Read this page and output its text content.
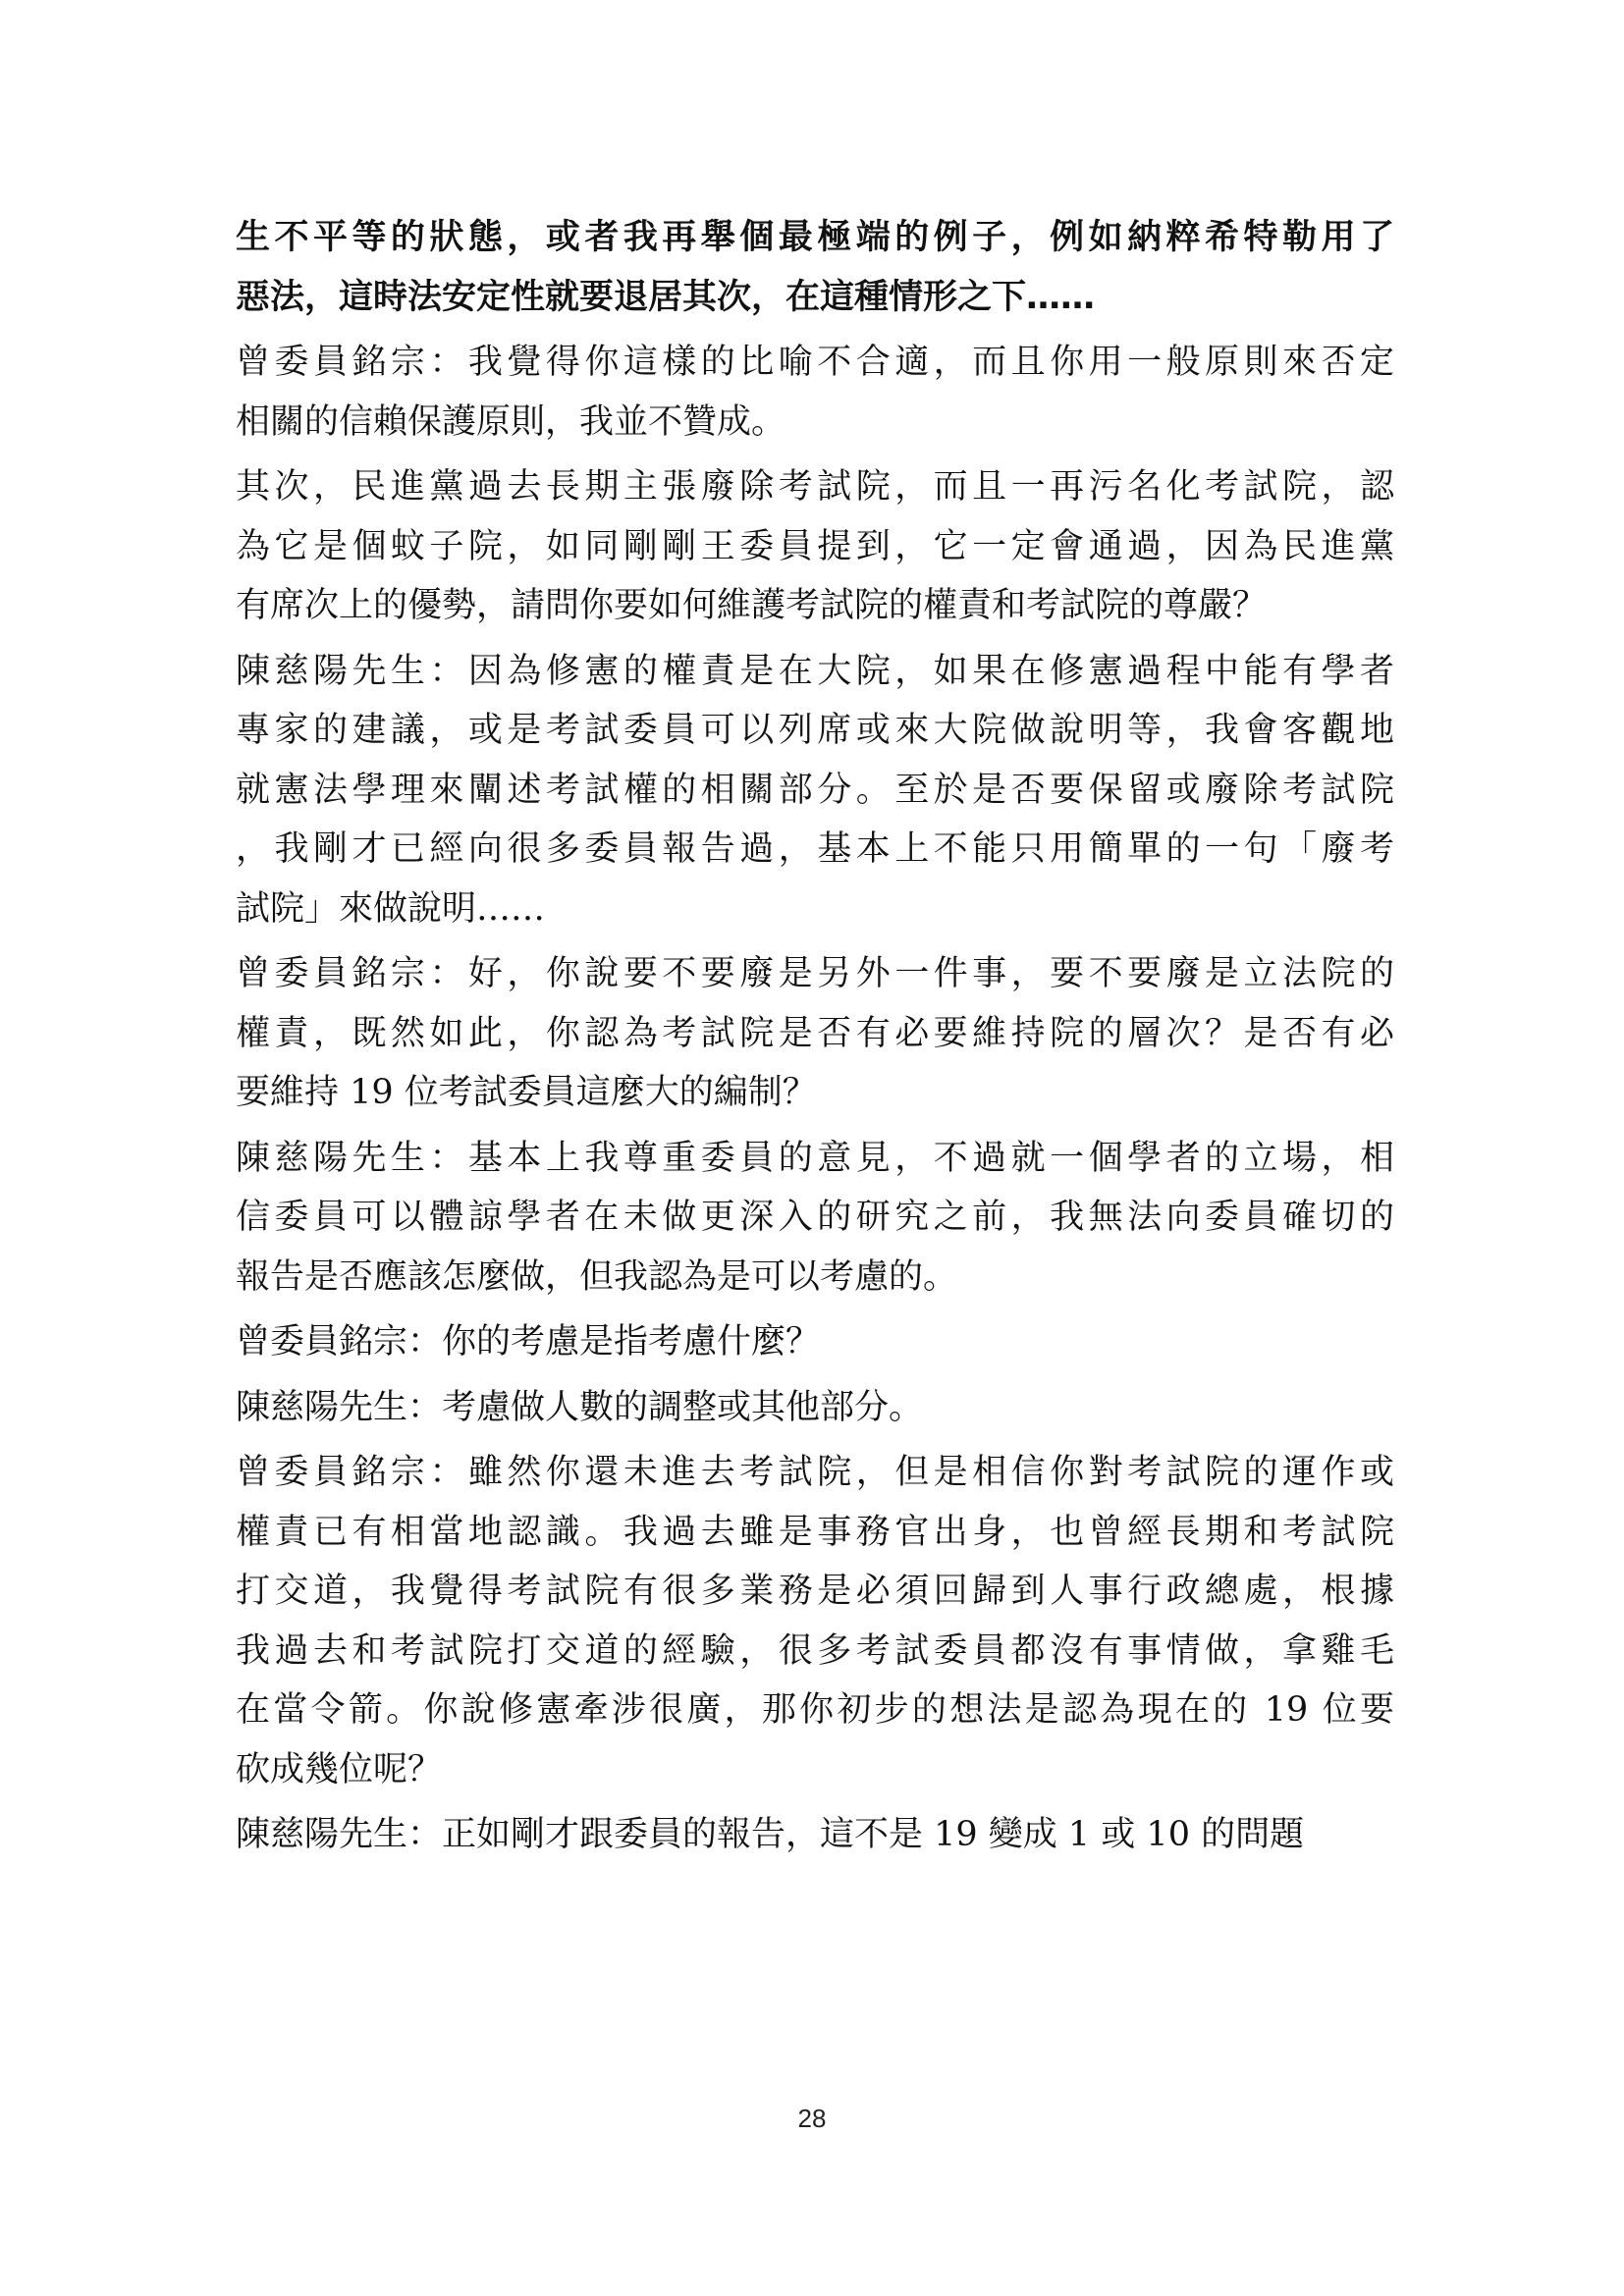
生不平等的狀態，或者我再舉個最極端的例子，例如納粹希特勒用了
惡法，這時法安定性就要退居其次，在這種情形之下……
曾委員銘宗：我覺得你這樣的比喻不合適，而且你用一般原則來否定
相關的信賴保護原則，我並不贊成。
其次，民進黨過去長期主張廢除考試院，而且一再污名化考試院，認
為它是個蚊子院，如同剛剛王委員提到，它一定會通過，因為民進黨
有席次上的優勢，請問你要如何維護考試院的權責和考試院的尊嚴？
陳慈陽先生：因為修憲的權責是在大院，如果在修憲過程中能有學者
專家的建議，或是考試委員可以列席或來大院做說明等，我會客觀地
就憲法學理來闡述考試權的相關部分。至於是否要保留或廢除考試院
，我剛才已經向很多委員報告過，基本上不能只用簡單的一句「廢考
試院」來做說明……
曾委員銘宗：好，你說要不要廢是另外一件事，要不要廢是立法院的
權責，既然如此，你認為考試院是否有必要維持院的層次？是否有必
要維持 19 位考試委員這麼大的編制？
陳慈陽先生：基本上我尊重委員的意見，不過就一個學者的立場，相
信委員可以體諒學者在未做更深入的研究之前，我無法向委員確切的
報告是否應該怎麼做，但我認為是可以考慮的。
曾委員銘宗：你的考慮是指考慮什麼？
陳慈陽先生：考慮做人數的調整或其他部分。
曾委員銘宗：雖然你還未進去考試院，但是相信你對考試院的運作或
權責已有相當地認識。我過去雖是事務官出身，也曾經長期和考試院
打交道，我覺得考試院有很多業務是必須回歸到人事行政總處，根據
我過去和考試院打交道的經驗，很多考試委員都沒有事情做，拿雞毛
在當令箭。你說修憲牽涉很廣，那你初步的想法是認為現在的 19 位要
砍成幾位呢？
陳慈陽先生：正如剛才跟委員的報告，這不是 19 變成 1 或 10 的問題
28
